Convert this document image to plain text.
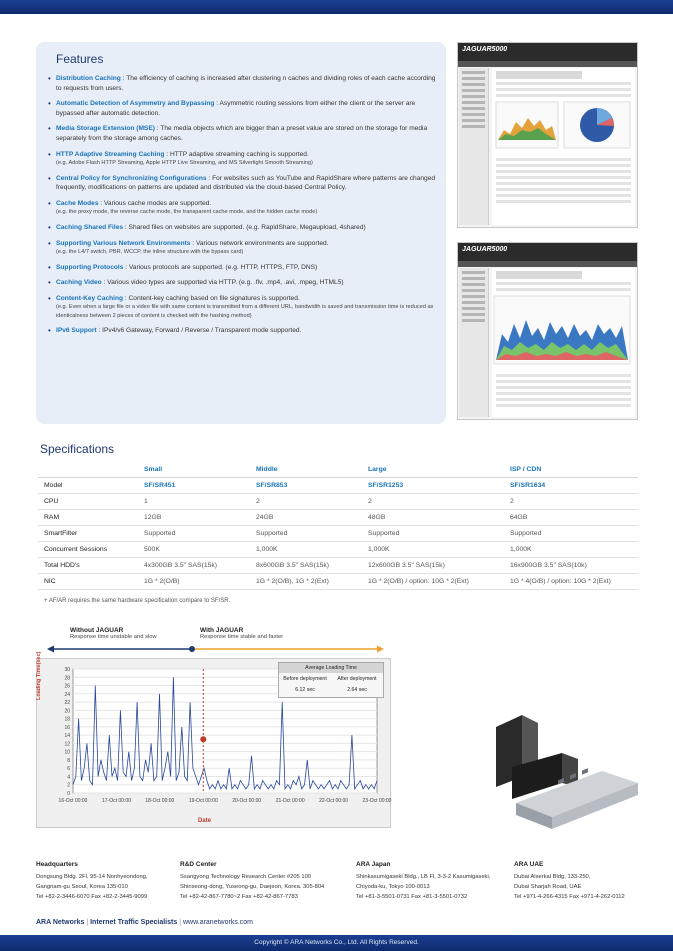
Features
• Distribution Caching : The efficiency of caching is increased after clustering n caches and dividing roles of each cache according to requests from users.
• Automatic Detection of Asymmetry and Bypassing : Asymmetric routing sessions from either the client or the server are bypassed after automatic detection.
• Media Storage Extension (MSE) : The media objects which are bigger than a preset value are stored on the storage for media separately from the storage among caches.
• HTTP Adaptive Streaming Caching : HTTP adaptive streaming caching is supported.
(e.g. Adobe Flash HTTP Streaming, Apple HTTP Live Streaming, and MS Silverlight Smooth Streaming)
• Central Policy for Synchronizing Configurations : For websites such as YouTube and RapidShare where patterns are changed frequently, modifications on patterns are updated and distributed via the cloud-based Central Policy.
• Cache Modes : Various cache modes are supported.
(e.g. the proxy mode, the reverse cache mode, the transparent cache mode, and the hidden cache mode)
• Caching Shared Files : Shared files on websites are supported. (e.g. RapidShare, Megaupload, 4shared)
• Supporting Various Network Environments : Various network environments are supported.
(e.g. the L4/7 switch, PBR, WCCP, the inline structure with the bypass card)
• Supporting Protocols : Various protocols are supported. (e.g. HTTP, HTTPS, FTP, DNS)
• Caching Video : Various video types are supported via HTTP. (e.g. .flv, .mp4, .avi, .mpeg, HTML5)
• Content-Key Caching : Content-key caching based on file signatures is supported.
(e.g. Even when a large file or a video file with same content is transmitted from a different URL, bandwidth is saved and transmission time is reduced as identicalness between 2 pieces of content is checked with the hashing method)
• IPv6 Support : IPv4/v6 Gateway, Forward / Reverse / Transparent mode supported.
JAGUAR5000
JAGUAR5000
Specifications
	Small	Middle	Large	ISP / CDN
Model	SF/SR451	SF/SR853	SF/SR1253	SF/SR1634
CPU	1	2	2	2
RAM	12GB	24GB	48GB	64GB
SmartFilter	Supported	Supported	Supported	Supported
Concurrent Sessions	500K	1,000K	1,000K	1,000K
Total HDD's	4x300GB 3.5" SAS(15k)	8x600GB 3.5" SAS(15k)	12x600GB 3.5" SAS(15k)	16x900GB 3.5" SAS(10k)
NIC	1G * 2(O/B)	1G * 2(O/B), 1G * 2(Ext)	1G * 2(O/B) / option: 10G * 2(Ext)	1G * 4(O/B) / option: 10G * 2(Ext)
+ AF/AR requires the same hardware specification compare to SF/SR.
Without JAGUAR
Response time unstable and slow
With JAGUAR
Response time stable and faster
0
2
4
6
8
10
12
14
16
18
20
22
24
26
28
30
16-Oct 00:00	17-Oct 00:00	18-Oct 00:00	19-Oct 00:00	20-Oct 00:00	21-Oct 00:00	22-Oct 00:00	23-Oct 00:00
Loading Time(sec)
Date
Average Loading Time
Before deployment	After deployment
6.12 sec	2.64 sec
Headquarters
Dongsung Bldg. 2Fl. 95-14 Nonhyeondong,
Gangnam-gu Seoul, Korea 135-010
Tel +82-2-3446-6070 Fax +82-2-3445-9099
R&D Center
Ssangyong Technology Research Center #205 100
Shinseong-dong, Yuseong-gu, Daejeon, Korea. 305-804
Tel +82-42-867-7780~2 Fax +82-42-867-7783
ARA Japan
Shinkasumigaseki Bldg., LB Fl, 3-3-2 Kasumigaseki,
Chiyoda-ku, Tokyo 100-0013
Tel +81-3-5501-0731 Fax +81-3-5501-0732
ARA UAE
Dubai Alserkal Bldg, 133-250,
Dubai Sharjah Road, UAE
Tel +971-4-266-4315 Fax +971-4-262-0112
ARA Networks | Internet Traffic Specialists | www.aranetworks.com
Copyright © ARA Networks Co., Ltd. All Rights Reserved.
